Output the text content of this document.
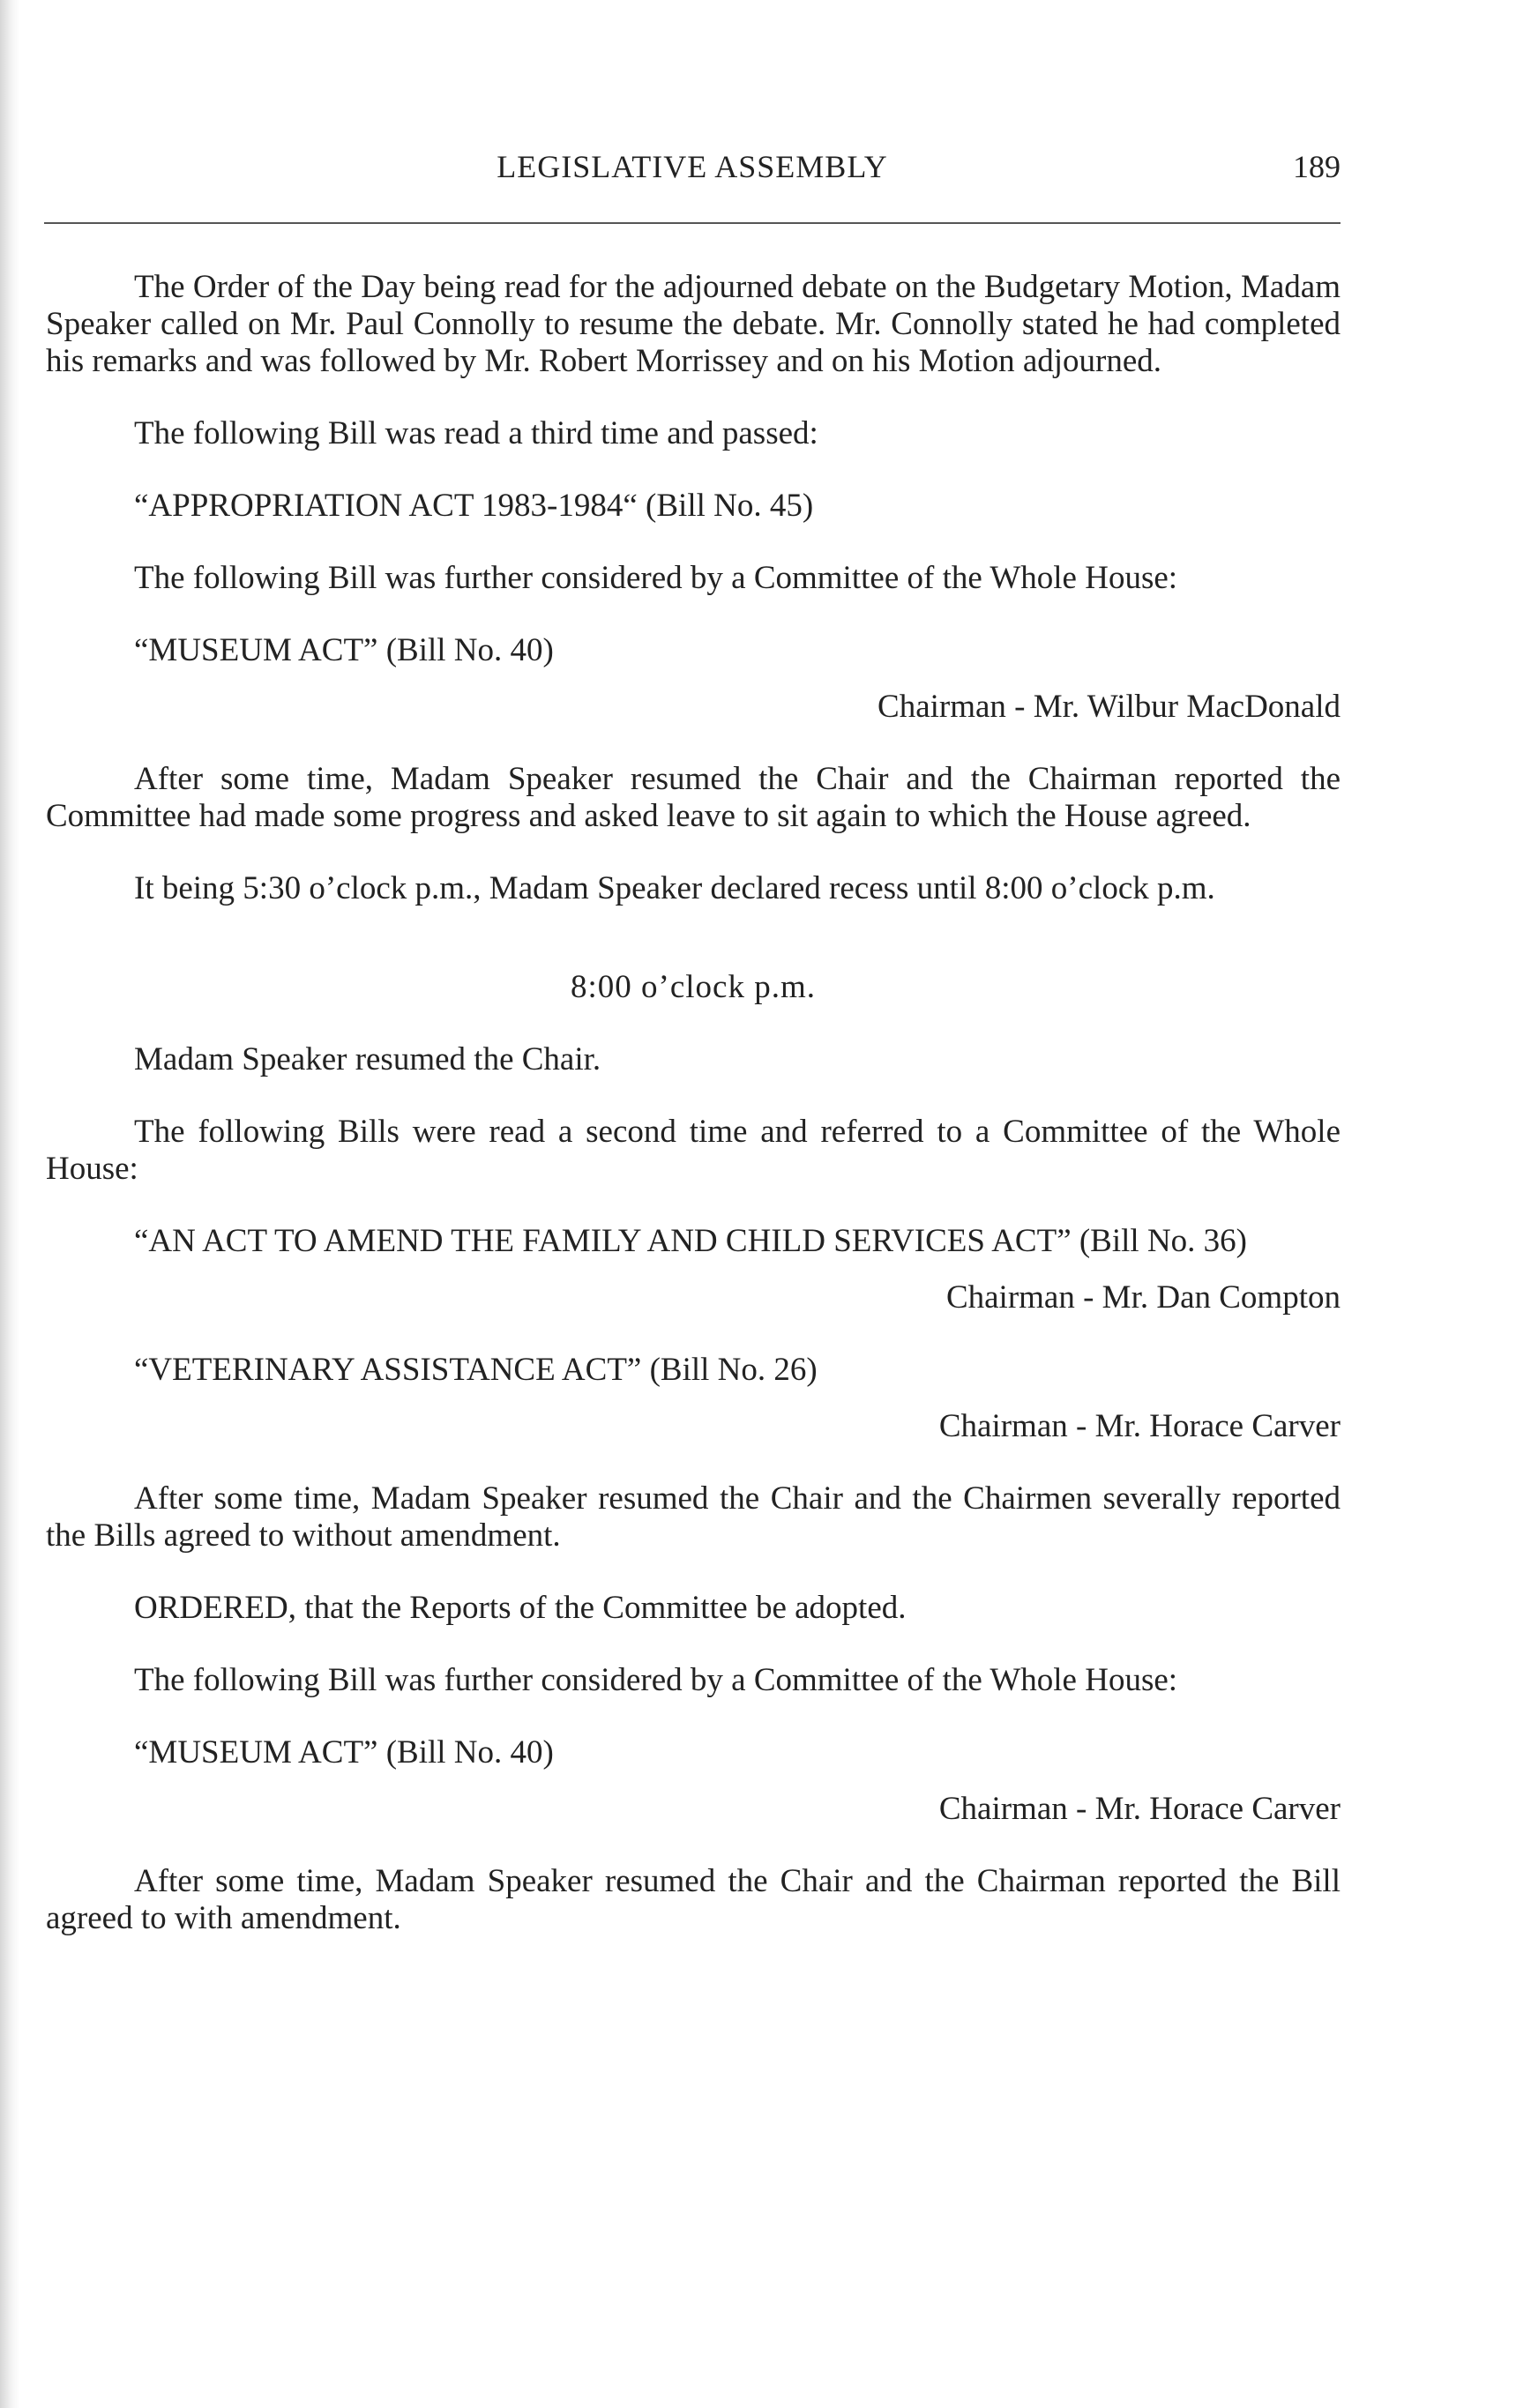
LEGISLATIVE ASSEMBLY	189

The Order of the Day being read for the adjourned debate on the Budgetary Motion, Madam Speaker called on Mr. Paul Connolly to resume the debate. Mr. Connolly stated he had completed his remarks and was followed by Mr. Robert Morrissey and on his Motion adjourned.

The following Bill was read a third time and passed:

“APPROPRIATION ACT 1983-1984“ (Bill No. 45)

The following Bill was further considered by a Committee of the Whole House:

“MUSEUM ACT” (Bill No. 40)

Chairman - Mr. Wilbur MacDonald

After some time, Madam Speaker resumed the Chair and the Chairman reported the Committee had made some progress and asked leave to sit again to which the House agreed.

It being 5:30 o’clock p.m., Madam Speaker declared recess until 8:00 o’clock p.m.

8:00 o’clock p.m.

Madam Speaker resumed the Chair.

The following Bills were read a second time and referred to a Committee of the Whole House:

“AN ACT TO AMEND THE FAMILY AND CHILD SERVICES ACT” (Bill No. 36)

Chairman - Mr. Dan Compton

“VETERINARY ASSISTANCE ACT” (Bill No. 26)

Chairman - Mr. Horace Carver

After some time, Madam Speaker resumed the Chair and the Chairmen severally reported the Bills agreed to without amendment.

ORDERED, that the Reports of the Committee be adopted.

The following Bill was further considered by a Committee of the Whole House:

“MUSEUM ACT” (Bill No. 40)

Chairman - Mr. Horace Carver

After some time, Madam Speaker resumed the Chair and the Chairman reported the Bill agreed to with amendment.
